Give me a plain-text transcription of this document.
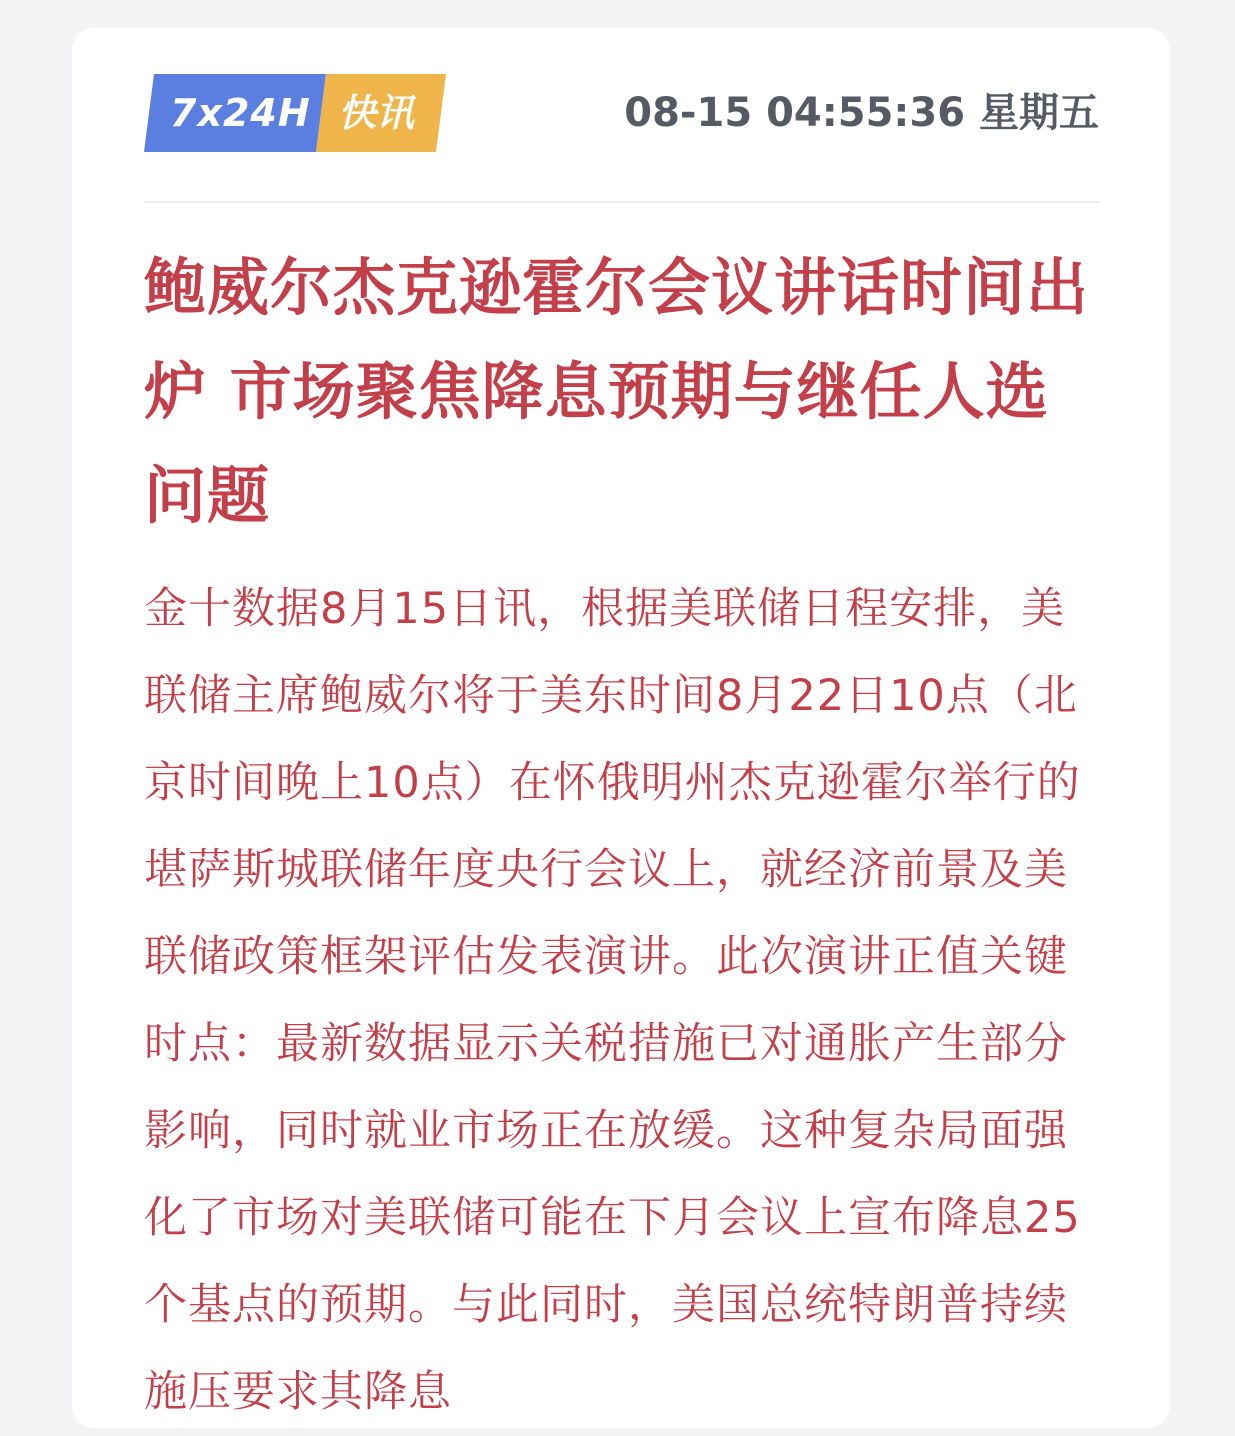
7x24H 快讯	08-15 04:55:36 星期五
鲍威尔杰克逊霍尔会议讲话时间出炉 市场聚焦降息预期与继任人选问题

金十数据8月15日讯，根据美联储日程安排，美联储主席鲍威尔将于美东时间8月22日10点（北京时间晚上10点）在怀俄明州杰克逊霍尔举行的堪萨斯城联储年度央行会议上，就经济前景及美联储政策框架评估发表演讲。此次演讲正值关键时点：最新数据显示关税措施已对通胀产生部分影响，同时就业市场正在放缓。这种复杂局面强化了市场对美联储可能在下月会议上宣布降息25个基点的预期。与此同时，美国总统特朗普持续施压要求其降息
